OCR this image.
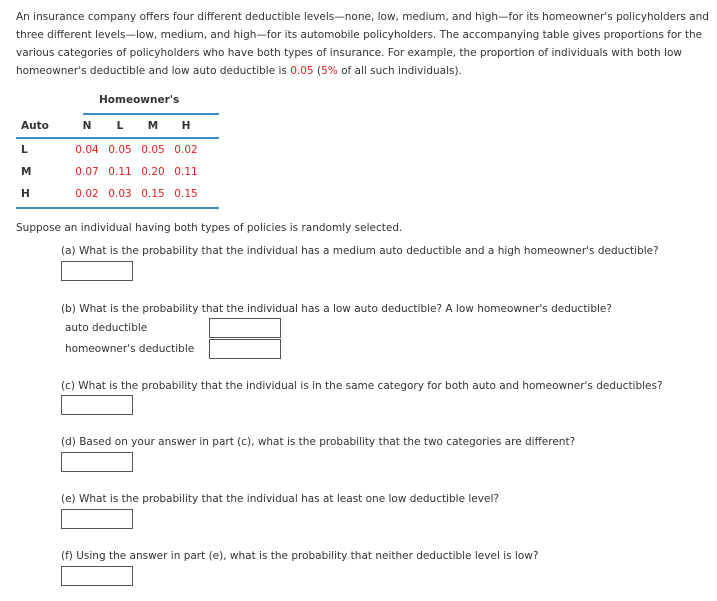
An insurance company offers four different deductible levels—none, low, medium, and high—for its homeowner's policyholders and three different levels—low, medium, and high—for its automobile policyholders. The accompanying table gives proportions for the various categories of policyholders who have both types of insurance. For example, the proportion of individuals with both low homeowner's deductible and low auto deductible is 0.05 (5% of all such individuals).

Homeowner's
Auto	N	L	M	H
L	0.04 0.05 0.05 0.02
M	0.07 0.11 0.20 0.11
H	0.02 0.03 0.15 0.15

Suppose an individual having both types of policies is randomly selected.

(a) What is the probability that the individual has a medium auto deductible and a high homeowner's deductible?

(b) What is the probability that the individual has a low auto deductible? A low homeowner's deductible?

auto deductible
homeowner's deductible

(c) What is the probability that the individual is in the same category for both auto and homeowner's deductibles?

(d) Based on your answer in part (c), what is the probability that the two categories are different?

(e) What is the probability that the individual has at least one low deductible level?

(f) Using the answer in part (e), what is the probability that neither deductible level is low?
